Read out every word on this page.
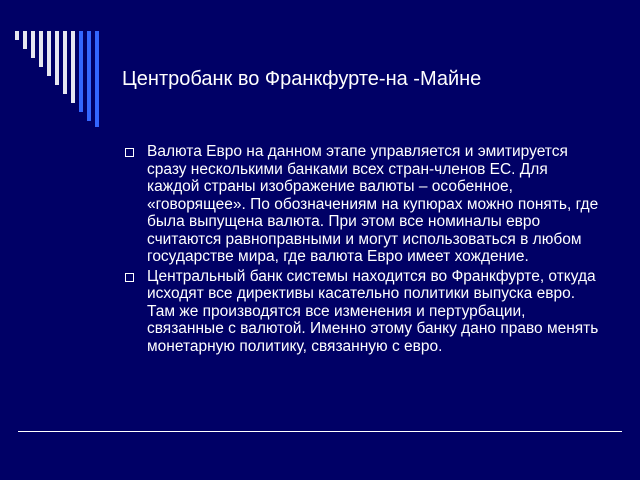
Центробанк во Франкфурте-на -Майне
Валюта Евро на данном этапе управляется и эмитируется сразу несколькими банками всех стран-членов ЕС. Для каждой страны изображение валюты – особенное, «говорящее». По обозначениям на купюрах можно понять, где была выпущена валюта. При этом все номиналы евро считаются равноправными и могут использоваться в любом государстве мира, где валюта Евро имеет хождение.
Центральный банк системы находится во Франкфурте, откуда исходят все директивы касательно политики выпуска евро. Там же производятся все изменения и пертурбации, связанные с валютой. Именно этому банку дано право менять монетарную политику, связанную с евро.
